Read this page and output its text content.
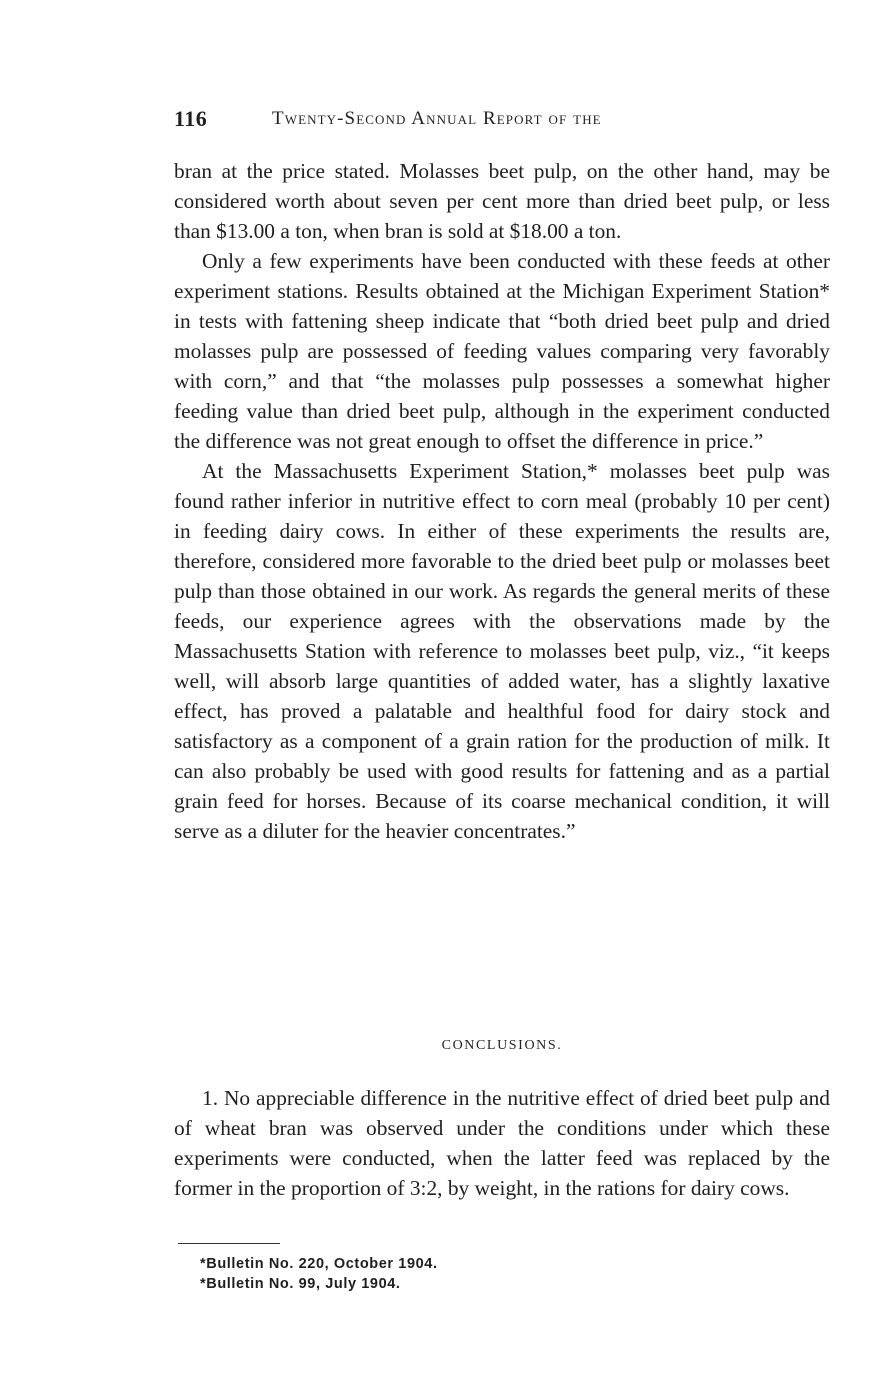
116	Twenty-Second Annual Report of the

bran at the price stated. Molasses beet pulp, on the other hand, may be considered worth about seven per cent more than dried beet pulp, or less than $13.00 a ton, when bran is sold at $18.00 a ton.

Only a few experiments have been conducted with these feeds at other experiment stations. Results obtained at the Michigan Experiment Station* in tests with fattening sheep indicate that “both dried beet pulp and dried molasses pulp are possessed of feeding values comparing very favorably with corn,” and that “the molasses pulp possesses a somewhat higher feeding value than dried beet pulp, although in the experiment conducted the difference was not great enough to offset the difference in price.”

At the Massachusetts Experiment Station,* molasses beet pulp was found rather inferior in nutritive effect to corn meal (probably 10 per cent) in feeding dairy cows. In either of these experiments the results are, therefore, considered more favorable to the dried beet pulp or molasses beet pulp than those obtained in our work. As regards the general merits of these feeds, our experience agrees with the observations made by the Massachusetts Station with reference to molasses beet pulp, viz., “it keeps well, will absorb large quantities of added water, has a slightly laxative effect, has proved a palatable and healthful food for dairy stock and satisfactory as a component of a grain ration for the production of milk. It can also probably be used with good results for fattening and as a partial grain feed for horses. Because of its coarse mechanical condition, it will serve as a diluter for the heavier concentrates.”

CONCLUSIONS.

1. No appreciable difference in the nutritive effect of dried beet pulp and of wheat bran was observed under the conditions under which these experiments were conducted, when the latter feed was replaced by the former in the proportion of 3:2, by weight, in the rations for dairy cows.

*Bulletin No. 220, October 1904.
*Bulletin No. 99, July 1904.
